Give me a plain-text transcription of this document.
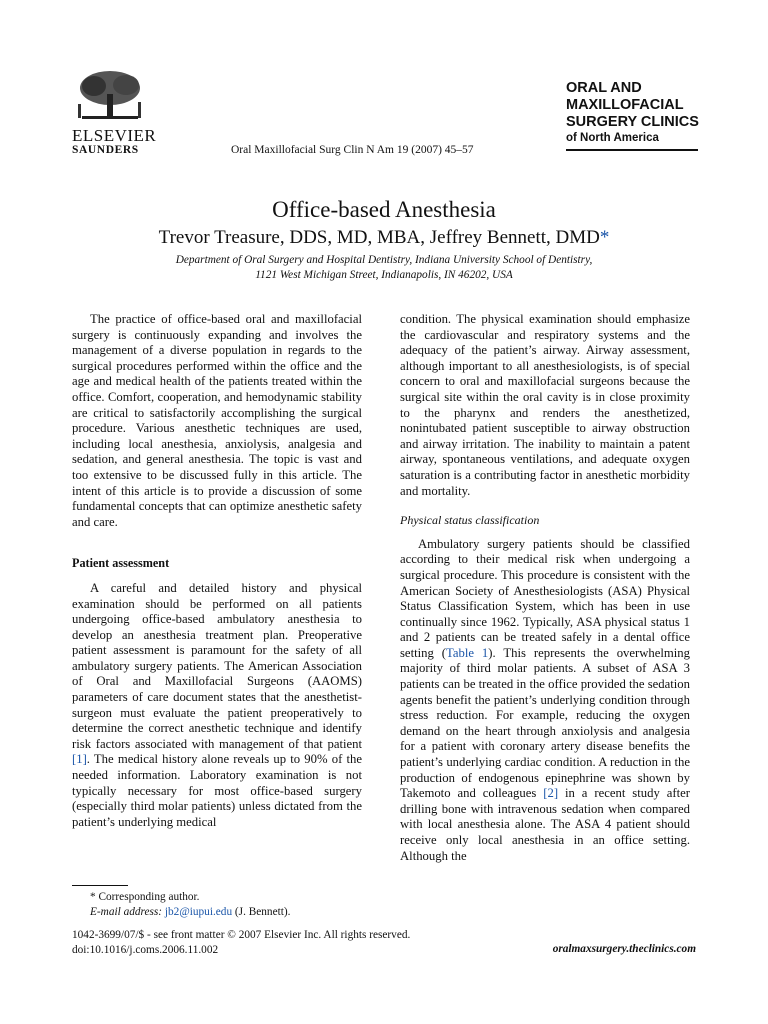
ELSEVIER
SAUNDERS	Oral Maxillofacial Surg Clin N Am 19 (2007) 45–57
ORAL AND
MAXILLOFACIAL
SURGERY CLINICS
of North America
Office-based Anesthesia
Trevor Treasure, DDS, MD, MBA, Jeffrey Bennett, DMD*
Department of Oral Surgery and Hospital Dentistry, Indiana University School of Dentistry,
1121 West Michigan Street, Indianapolis, IN 46202, USA

The practice of office-based oral and maxillofacial surgery is continuously expanding and involves the management of a diverse population in regards to the surgical procedures performed within the office and the age and medical health of the patients treated within the office. Comfort, cooperation, and hemodynamic stability are critical to satisfactorily accomplishing the surgical procedure. Various anesthetic techniques are used, including local anesthesia, anxiolysis, analgesia and sedation, and general anesthesia. The topic is vast and too extensive to be discussed fully in this article. The intent of this article is to provide a discussion of some fundamental concepts that can optimize anesthetic safety and care.

Patient assessment

A careful and detailed history and physical examination should be performed on all patients undergoing office-based ambulatory anesthesia to develop an anesthesia treatment plan. Preoperative patient assessment is paramount for the safety of all ambulatory surgery patients. The American Association of Oral and Maxillofacial Surgeons (AAOMS) parameters of care document states that the anesthetist-surgeon must evaluate the patient preoperatively to determine the correct anesthetic technique and identify risk factors associated with management of that patient [1]. The medical history alone reveals up to 90% of the needed information. Laboratory examination is not typically necessary for most office-based surgery (especially third molar patients) unless dictated from the patient’s underlying medical

condition. The physical examination should emphasize the cardiovascular and respiratory systems and the adequacy of the patient’s airway. Airway assessment, although important to all anesthesiologists, is of special concern to oral and maxillofacial surgeons because the surgical site within the oral cavity is in close proximity to the pharynx and renders the anesthetized, nonintubated patient susceptible to airway obstruction and airway irritation. The inability to maintain a patent airway, spontaneous ventilations, and adequate oxygen saturation is a contributing factor in anesthetic morbidity and mortality.

Physical status classification

Ambulatory surgery patients should be classified according to their medical risk when undergoing a surgical procedure. This procedure is consistent with the American Society of Anesthesiologists (ASA) Physical Status Classification System, which has been in use continually since 1962. Typically, ASA physical status 1 and 2 patients can be treated safely in a dental office setting (Table 1). This represents the overwhelming majority of third molar patients. A subset of ASA 3 patients can be treated in the office provided the sedation agents benefit the patient’s underlying condition through stress reduction. For example, reducing the oxygen demand on the heart through anxiolysis and analgesia for a patient with coronary artery disease benefits the patient’s underlying cardiac condition. A reduction in the production of endogenous epinephrine was shown by Takemoto and colleagues [2] in a recent study after drilling bone with intravenous sedation when compared with local anesthesia alone. The ASA 4 patient should receive only local anesthesia in an office setting. Although the

* Corresponding author.
E-mail address: jb2@iupui.edu (J. Bennett).
1042-3699/07/$ - see front matter © 2007 Elsevier Inc. All rights reserved.
doi:10.1016/j.coms.2006.11.002	oralmaxsurgery.theclinics.com
